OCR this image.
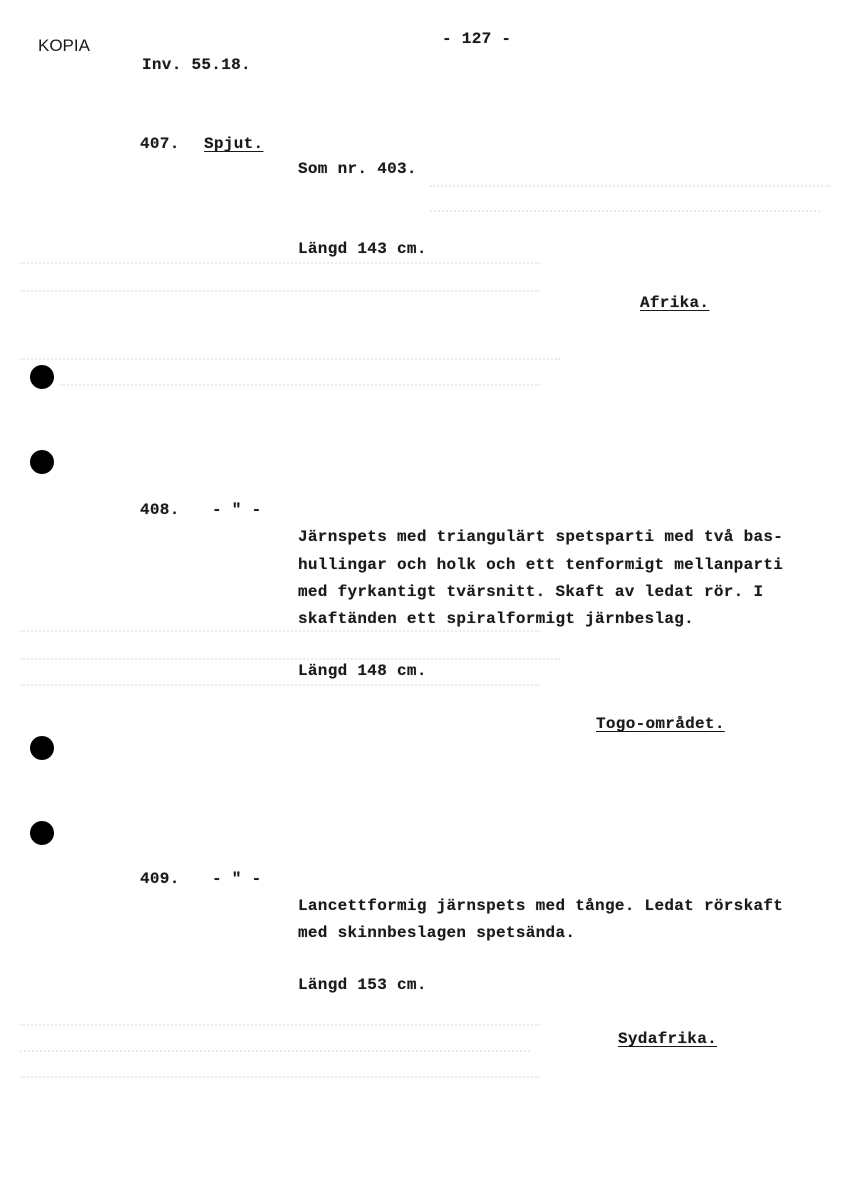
KOPIA	- 127 -
Inv. 55.18.
407. Spjut.
Som nr. 403.
Längd 143 cm.
Afrika.
408. - " -
Järnspets med triangulärt spetsparti med två bas-
hullingar och holk och ett tenformigt mellanparti
med fyrkantigt tvärsnitt. Skaft av ledat rör. I
skaftänden ett spiralformigt järnbeslag.
Längd 148 cm.
Togo-området.
409. - " -
Lancettformig järnspets med tånge. Ledat rörskaft
med skinnbeslagen spetsända.
Längd 153 cm.
Sydafrika.
